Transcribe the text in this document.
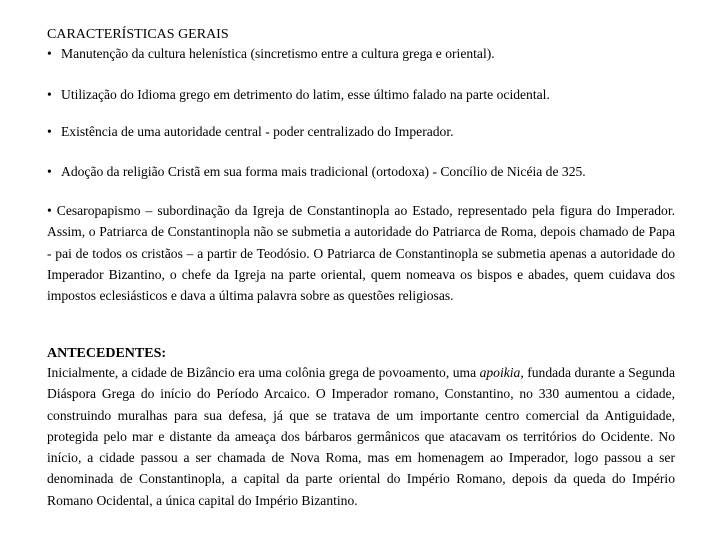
CARACTERÍSTICAS GERAIS
• Manutenção da cultura helenística (sincretismo entre a cultura grega e oriental).
• Utilização do Idioma grego em detrimento do latim, esse último falado na parte ocidental.
• Existência de uma autoridade central - poder centralizado do Imperador.
• Adoção da religião Cristã em sua forma mais tradicional (ortodoxa) - Concílio de Nicéia de 325.
• Cesaropapismo – subordinação da Igreja de Constantinopla ao Estado, representado pela figura do Imperador. Assim, o Patriarca de Constantinopla não se submetia a autoridade do Patriarca de Roma, depois chamado de Papa - pai de todos os cristãos – a partir de Teodósio. O Patriarca de Constantinopla se submetia apenas a autoridade do Imperador Bizantino, o chefe da Igreja na parte oriental, quem nomeava os bispos e abades, quem cuidava dos impostos eclesiásticos e dava a última palavra sobre as questões religiosas.
ANTECEDENTES:
Inicialmente, a cidade de Bizâncio era uma colônia grega de povoamento, uma apoikia, fundada durante a Segunda Diáspora Grega do início do Período Arcaico. O Imperador romano, Constantino, no 330 aumentou a cidade, construindo muralhas para sua defesa, já que se tratava de um importante centro comercial da Antiguidade, protegida pelo mar e distante da ameaça dos bárbaros germânicos que atacavam os territórios do Ocidente. No início, a cidade passou a ser chamada de Nova Roma, mas em homenagem ao Imperador, logo passou a ser denominada de Constantinopla, a capital da parte oriental do Império Romano, depois da queda do Império Romano Ocidental, a única capital do Império Bizantino.
